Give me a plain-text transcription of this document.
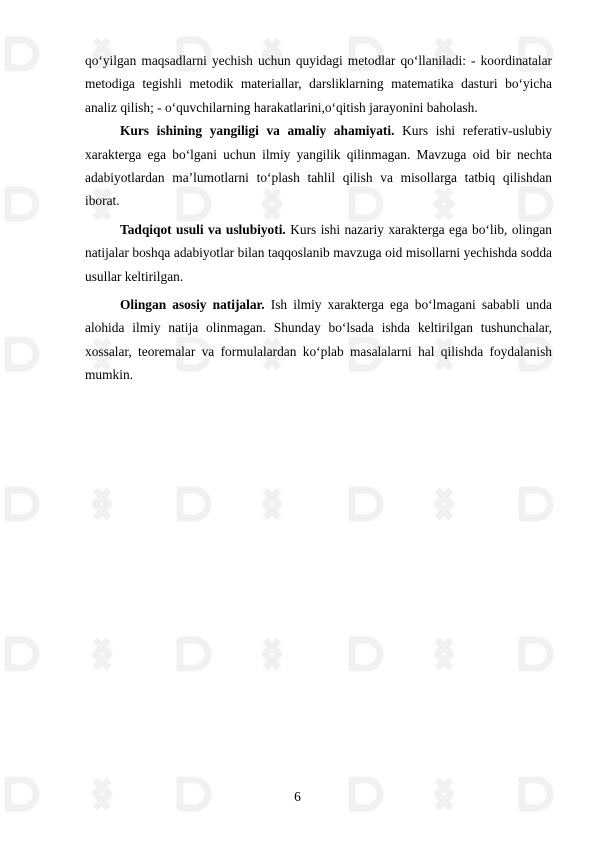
qo‘yilgan maqsadlarni yechish uchun quyidagi metodlar qo‘llaniladi: - koordinatalar metodiga tegishli metodik materiallar, darsliklarning matematika dasturi bo‘yicha analiz qilish; - o‘quvchilarning harakatlarini,o‘qitish jarayonini baholash.

Kurs ishining yangiligi va amaliy ahamiyati. Kurs ishi referativ-uslubiy xarakterga ega bo‘lgani uchun ilmiy yangilik qilinmagan. Mavzuga oid bir nechta adabiyotlardan ma’lumotlarni to‘plash tahlil qilish va misollarga tatbiq qilishdan iborat.

Tadqiqot usuli va uslubiyoti. Kurs ishi nazariy xarakterga ega bo‘lib, olingan natijalar boshqa adabiyotlar bilan taqqoslanib mavzuga oid misollarni yechishda sodda usullar keltirilgan.

Olingan asosiy natijalar. Ish ilmiy xarakterga ega bo‘lmagani sababli unda alohida ilmiy natija olinmagan. Shunday bo‘lsada ishda keltirilgan tushunchalar, xossalar, teoremalar va formulalardan ko‘plab masalalarni hal qilishda foydalanish mumkin.

6
